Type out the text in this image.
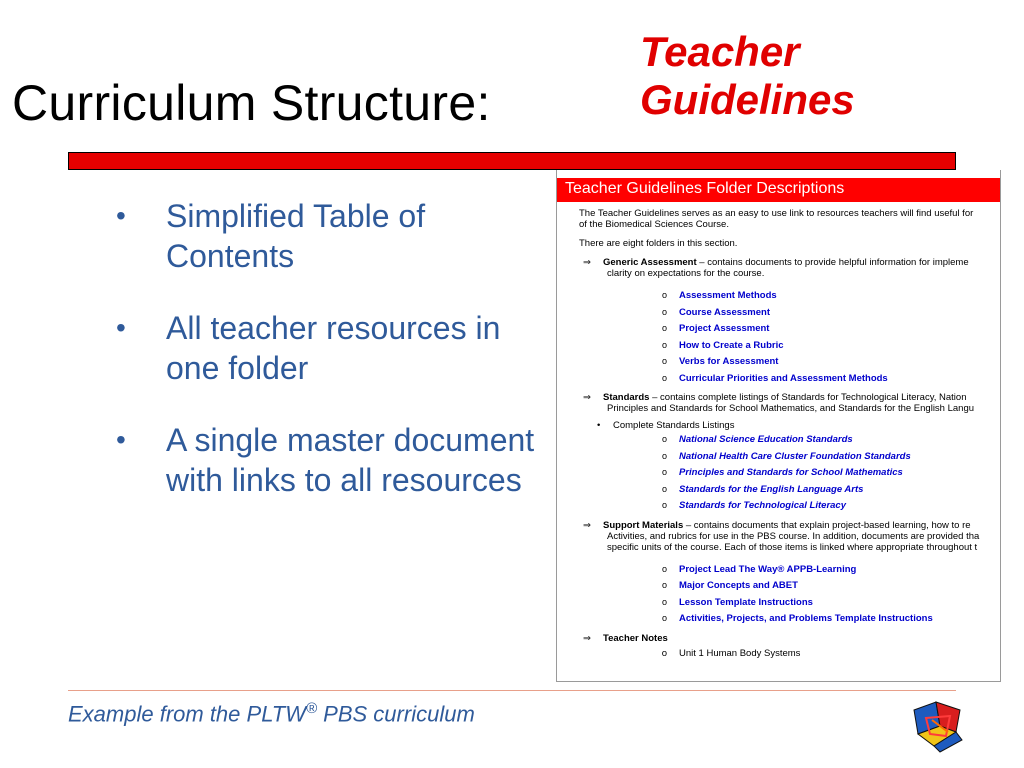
Curriculum Structure:
Teacher
Guidelines
• Simplified Table of Contents
• All teacher resources in one folder
• A single master document with links to all resources
Teacher Guidelines Folder Descriptions

The Teacher Guidelines serves as an easy to use link to resources teachers will find useful for
of the Biomedical Sciences Course.

There are eight folders in this section.

⇒ Generic Assessment – contains documents to provide helpful information for impleme
clarity on expectations for the course.
o Assessment Methods
o Course Assessment
o Project Assessment
o How to Create a Rubric
o Verbs for Assessment
o Curricular Priorities and Assessment Methods
⇒ Standards – contains complete listings of Standards for Technological Literacy, Nation
Principles and Standards for School Mathematics, and Standards for the English Langu
• Complete Standards Listings
o National Science Education Standards
o National Health Care Cluster Foundation Standards
o Principles and Standards for School Mathematics
o Standards for the English Language Arts
o Standards for Technological Literacy
⇒ Support Materials – contains documents that explain project-based learning, how to re
Activities, and rubrics for use in the PBS course. In addition, documents are provided tha
specific units of the course. Each of those items is linked where appropriate throughout t
o Project Lead The Way® APPB-Learning
o Major Concepts and ABET
o Lesson Template Instructions
o Activities, Projects, and Problems Template Instructions
⇒ Teacher Notes
o Unit 1 Human Body Systems
Example from the PLTW® PBS curriculum
